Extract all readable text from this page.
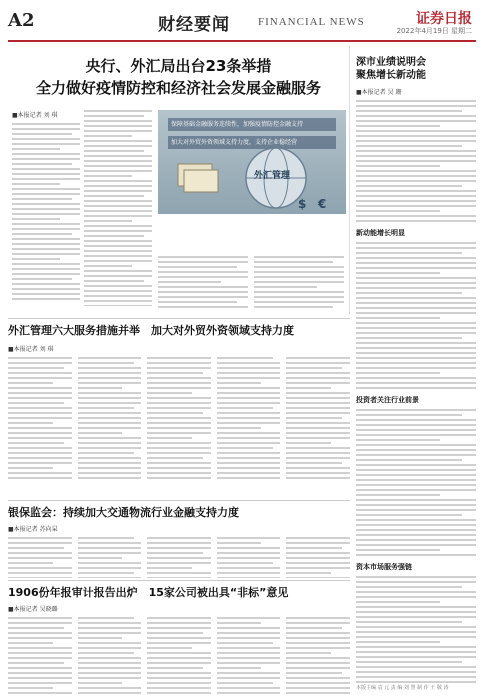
A2	财经要闻	FINANCIAL NEWS	证券日报
2022年4月19日 星期二
央行、外汇局出台23条举措
全力做好疫情防控和经济社会发展金融服务
■本报记者 刘 琪
保障基础金融服务连续性，加强疫情防控金融支持
加大对外贸外资领域支持力度，支持企业稳经营
$ €
外汇管理
外汇管理六大服务措施并举　加大对外贸外资领域支持力度
■本报记者 刘 琪
银保监会：持续加大交通物流行业金融支持力度
■本报记者 苏向杲
1906份年报审计报告出炉　15家公司被出具“非标”意见
■本报记者 吴晓璐
深市业绩说明会
聚焦增长新动能
■本报记者 吴 珊
新动能增长明显
投资者关注行业前景
资本市场服务强链
本版主编 袁 元 责 编 刘 慧 制 作 王 敬 涛
